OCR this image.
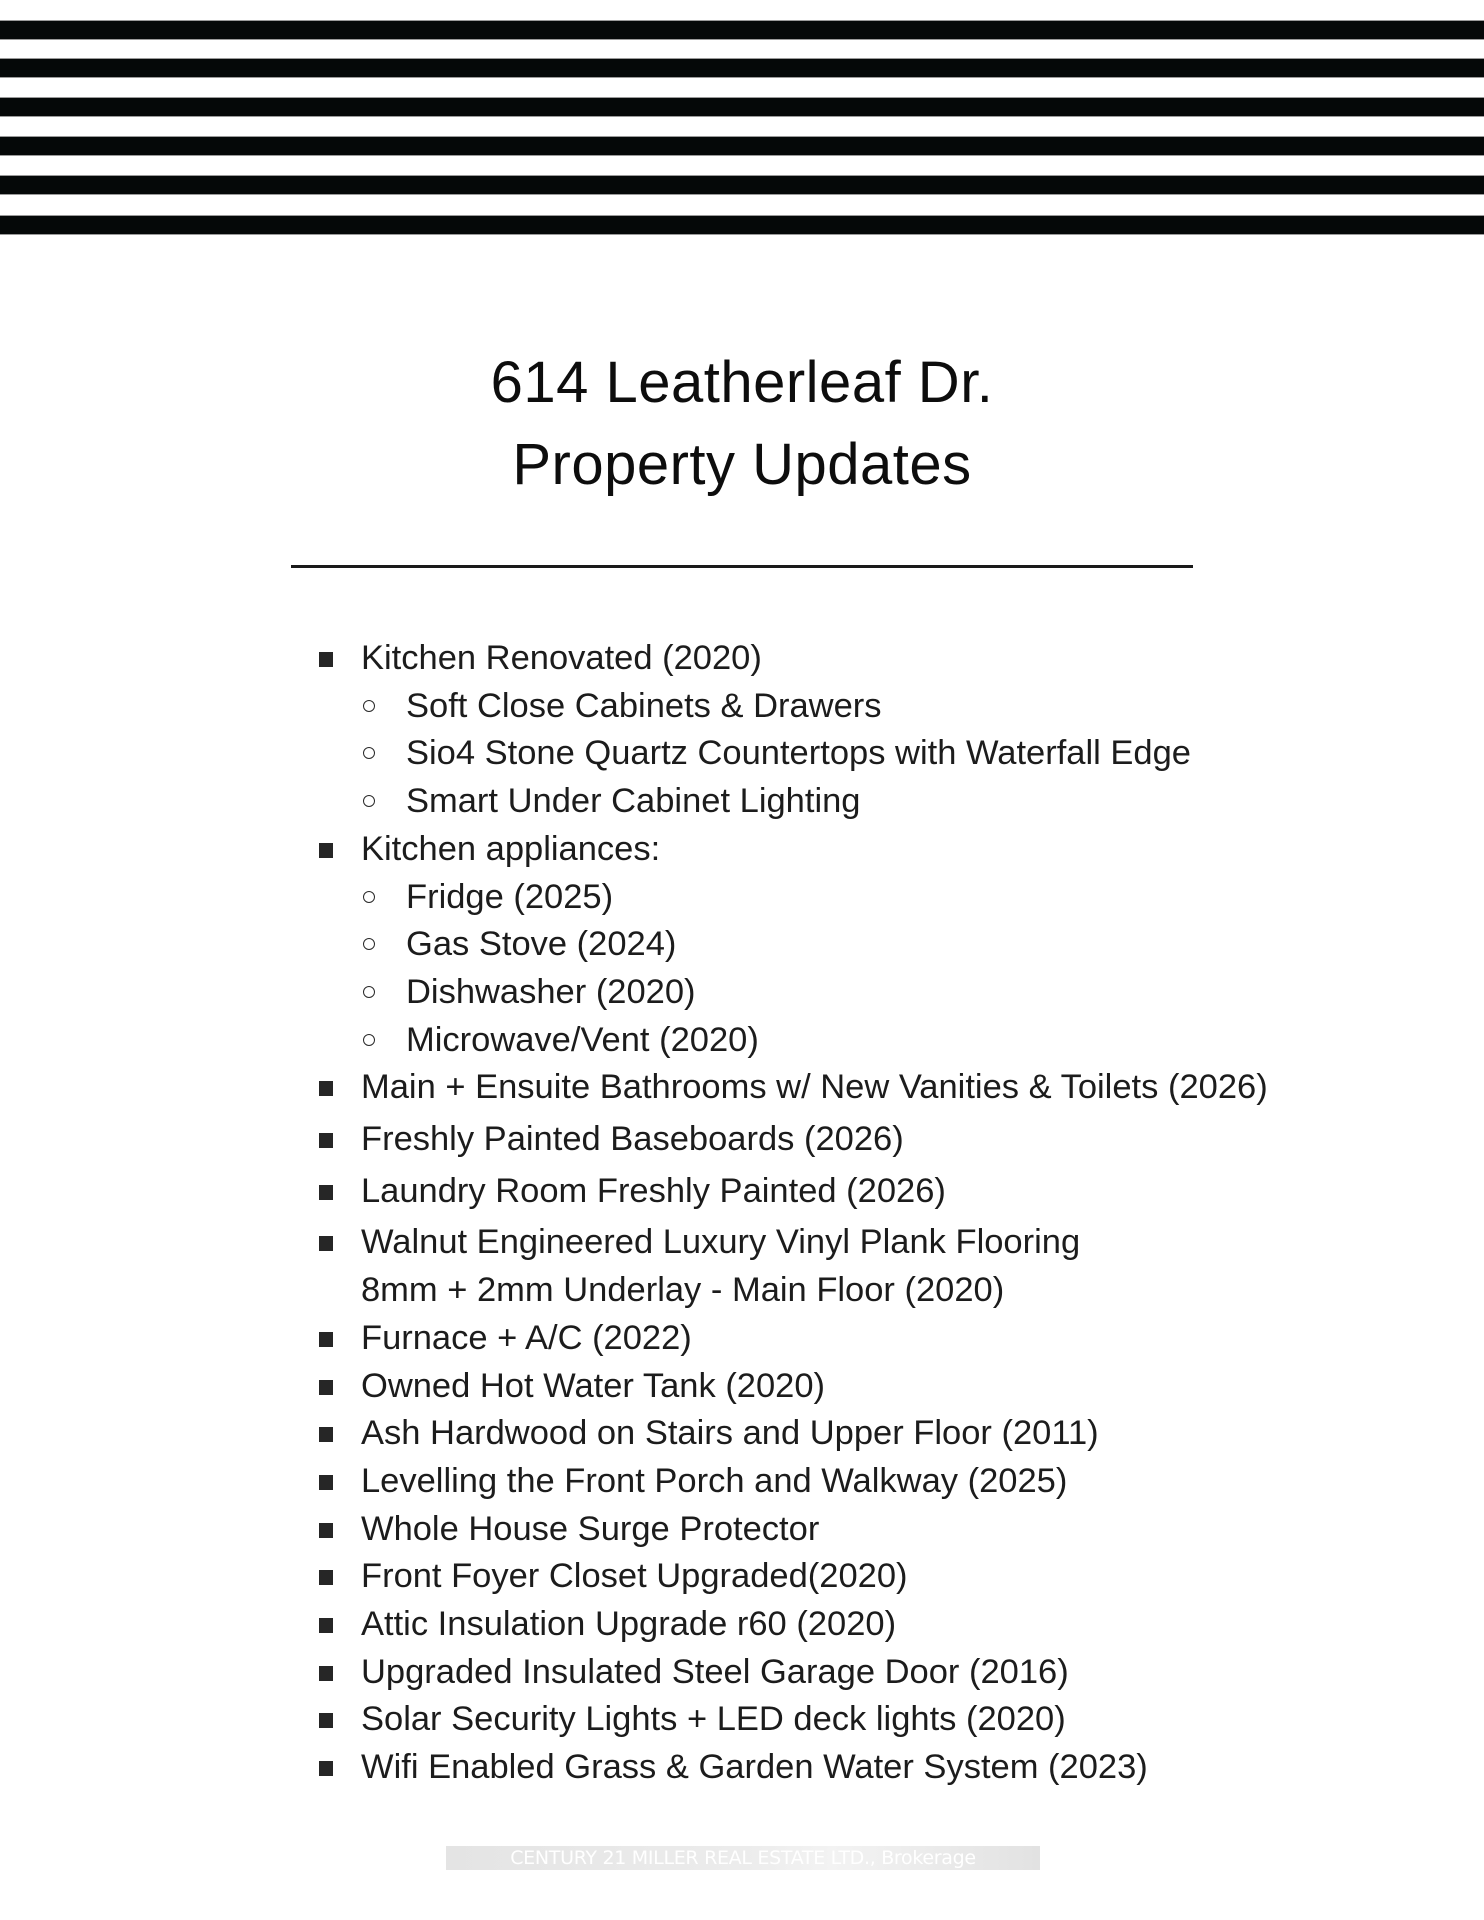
614 Leatherleaf Dr.
Property Updates
Kitchen Renovated (2020)
Soft Close Cabinets & Drawers
Sio4 Stone Quartz Countertops with Waterfall Edge
Smart Under Cabinet Lighting
Kitchen appliances:
Fridge (2025)
Gas Stove (2024)
Dishwasher (2020)
Microwave/Vent (2020)
Main + Ensuite Bathrooms w/ New Vanities & Toilets (2026)
Freshly Painted Baseboards (2026)
Laundry Room Freshly Painted (2026)
Walnut Engineered Luxury Vinyl Plank Flooring 8mm + 2mm Underlay - Main Floor (2020)
Furnace + A/C (2022)
Owned Hot Water Tank (2020)
Ash Hardwood on Stairs and Upper Floor (2011)
Levelling the Front Porch and Walkway (2025)
Whole House Surge Protector
Front Foyer Closet Upgraded(2020)
Attic Insulation Upgrade r60 (2020)
Upgraded Insulated Steel Garage Door (2016)
Solar Security Lights + LED deck lights (2020)
Wifi Enabled Grass & Garden Water System (2023)
CENTURY 21 MILLER REAL ESTATE LTD., Brokerage
